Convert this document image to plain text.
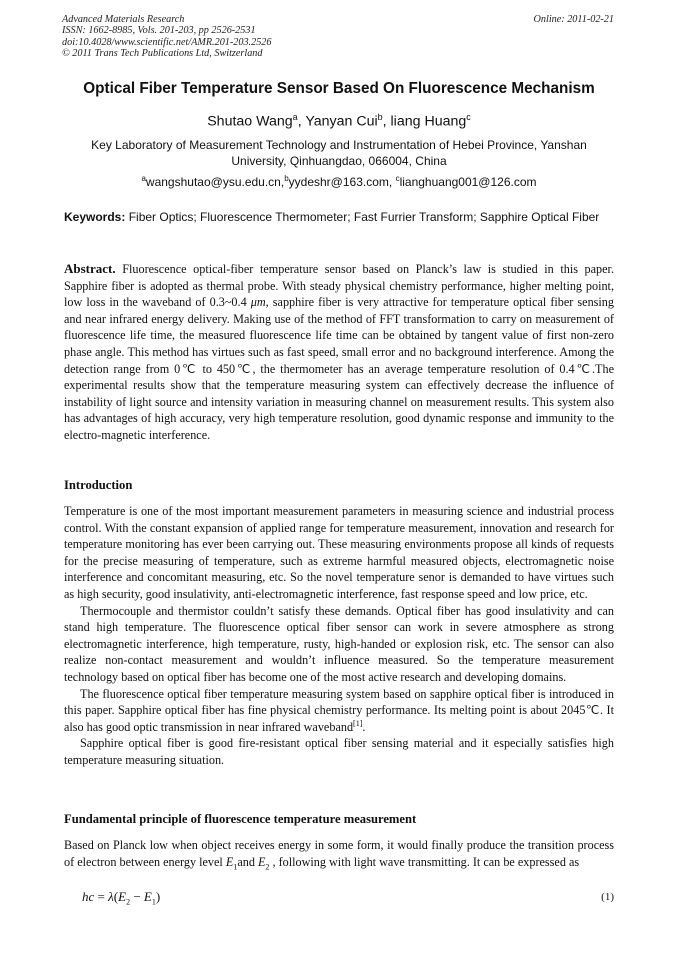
Advanced Materials Research
ISSN: 1662-8985, Vols. 201-203, pp 2526-2531
doi:10.4028/www.scientific.net/AMR.201-203.2526
© 2011 Trans Tech Publications Ltd, Switzerland
Online: 2011-02-21
Optical Fiber Temperature Sensor Based On Fluorescence Mechanism
Shutao Wang$^a$, Yanyan Cui$^b$, liang Huang$^c$
Key Laboratory of Measurement Technology and Instrumentation of Hebei Province, Yanshan University, Qinhuangdao, 066004, China
$^a$wangshutao@ysu.edu.cn,$^b$yydeshr@163.com, $^c$lianghuang001@126.com
Keywords: Fiber Optics; Fluorescence Thermometer; Fast Furrier Transform; Sapphire Optical Fiber
Abstract. Fluorescence optical-fiber temperature sensor based on Planck’s law is studied in this paper. Sapphire fiber is adopted as thermal probe. With steady physical chemistry performance, higher melting point, low loss in the waveband of 0.3~0.4 μm, sapphire fiber is very attractive for temperature optical fiber sensing and near infrared energy delivery. Making use of the method of FFT transformation to carry on measurement of fluorescence life time, the measured fluorescence life time can be obtained by tangent value of first non-zero phase angle. This method has virtues such as fast speed, small error and no background interference. Among the detection range from 0℃ to 450℃, the thermometer has an average temperature resolution of 0.4℃.The experimental results show that the temperature measuring system can effectively decrease the influence of instability of light source and intensity variation in measuring channel on measurement results. This system also has advantages of high accuracy, very high temperature resolution, good dynamic response and immunity to the electro-magnetic interference.
Introduction

Temperature is one of the most important measurement parameters in measuring science and industrial process control. With the constant expansion of applied range for temperature measurement, innovation and research for temperature monitoring has ever been carrying out. These measuring environments propose all kinds of requests for the precise measuring of temperature, such as extreme harmful measured objects, electromagnetic noise interference and concomitant measuring, etc. So the novel temperature senor is demanded to have virtues such as high security, good insulativity, anti-electromagnetic interference, fast response speed and low price, etc.

Thermocouple and thermistor couldn’t satisfy these demands. Optical fiber has good insulativity and can stand high temperature. The fluorescence optical fiber sensor can work in severe atmosphere as strong electromagnetic interference, high temperature, rusty, high-handed or explosion risk, etc. The sensor can also realize non-contact measurement and wouldn’t influence measured. So the temperature measurement technology based on optical fiber has become one of the most active research and developing domains.

The fluorescence optical fiber temperature measuring system based on sapphire optical fiber is introduced in this paper. Sapphire optical fiber has fine physical chemistry performance. Its melting point is about 2045℃. It also has good optic transmission in near infrared waveband[1].

Sapphire optical fiber is good fire-resistant optical fiber sensing material and it especially satisfies high temperature measuring situation.

Fundamental principle of fluorescence temperature measurement
Based on Planck low when object receives energy in some form, it would finally produce the transition process of electron between energy level $E_1and$ $E_2$ , following with light wave transmitting. It can be expressed as
hc = $\lambda(E_2 - E_1)$	(1)
